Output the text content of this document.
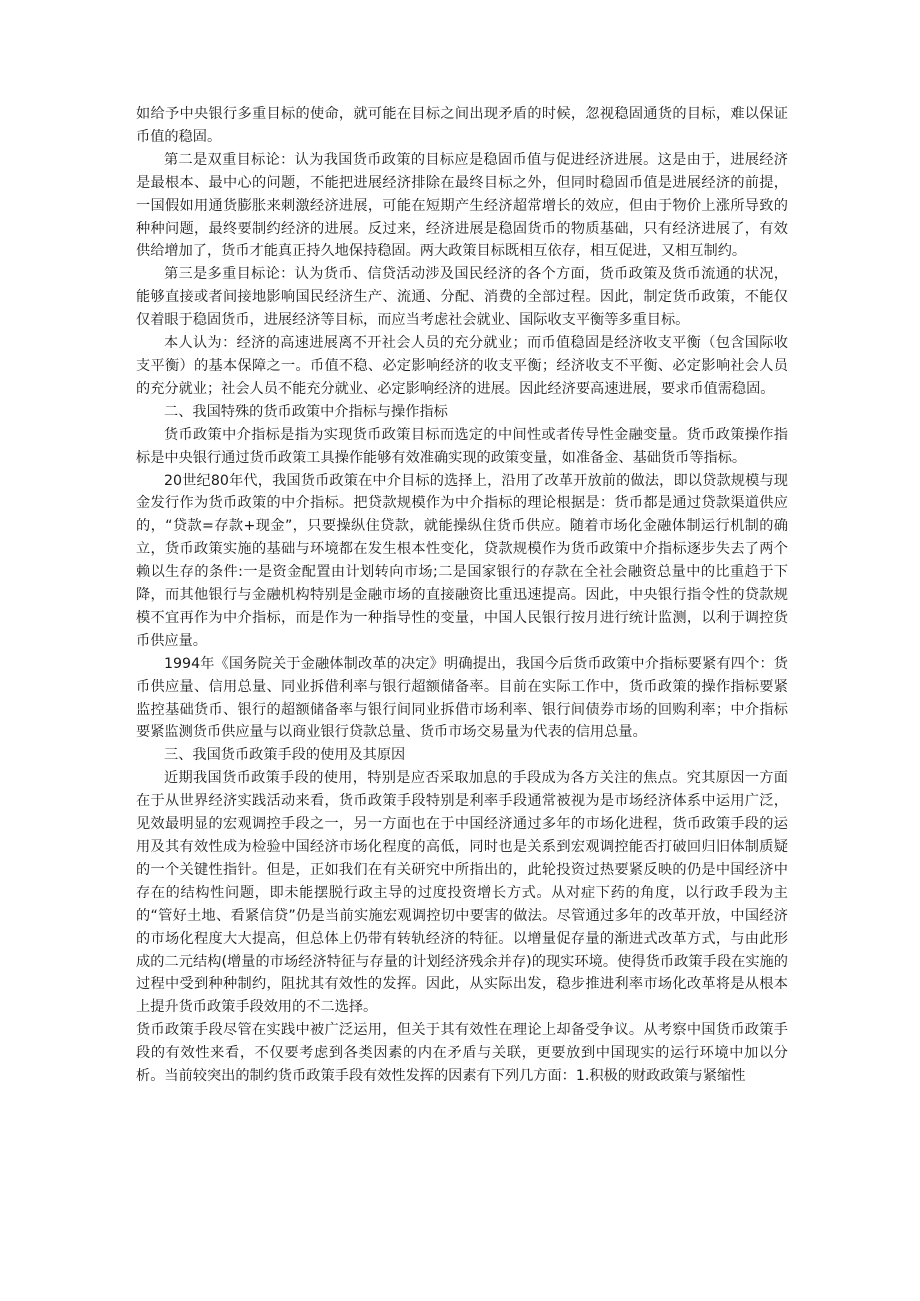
如给予中央银行多重目标的使命，就可能在目标之间出现矛盾的时候，忽视稳固通货的目标，难以保证币值的稳固。

第二是双重目标论：认为我国货币政策的目标应是稳固币值与促进经济进展。这是由于，进展经济是最根本、最中心的问题，不能把进展经济排除在最终目标之外，但同时稳固币值是进展经济的前提，一国假如用通货膨胀来刺激经济进展，可能在短期产生经济超常增长的效应，但由于物价上涨所导致的种种问题，最终要制约经济的进展。反过来，经济进展是稳固货币的物质基础，只有经济进展了，有效供给增加了，货币才能真正持久地保持稳固。两大政策目标既相互依存，相互促进，又相互制约。

第三是多重目标论：认为货币、信贷活动涉及国民经济的各个方面，货币政策及货币流通的状况，能够直接或者间接地影响国民经济生产、流通、分配、消费的全部过程。因此，制定货币政策，不能仅仅着眼于稳固货币，进展经济等目标，而应当考虑社会就业、国际收支平衡等多重目标。

本人认为：经济的高速进展离不开社会人员的充分就业；而币值稳固是经济收支平衡（包含国际收支平衡）的基本保障之一。币值不稳、必定影响经济的收支平衡；经济收支不平衡、必定影响社会人员的充分就业；社会人员不能充分就业、必定影响经济的进展。因此经济要高速进展，要求币值需稳固。

二、我国特殊的货币政策中介指标与操作指标

货币政策中介指标是指为实现货币政策目标而选定的中间性或者传导性金融变量。货币政策操作指标是中央银行通过货币政策工具操作能够有效准确实现的政策变量，如准备金、基础货币等指标。

20世纪80年代，我国货币政策在中介目标的选择上，沿用了改革开放前的做法，即以贷款规模与现金发行作为货币政策的中介指标。把贷款规模作为中介指标的理论根据是：货币都是通过贷款渠道供应的，“贷款=存款+现金”，只要操纵住贷款，就能操纵住货币供应。随着市场化金融体制运行机制的确立，货币政策实施的基础与环境都在发生根本性变化，贷款规模作为货币政策中介指标逐步失去了两个赖以生存的条件:一是资金配置由计划转向市场;二是国家银行的存款在全社会融资总量中的比重趋于下降，而其他银行与金融机构特别是金融市场的直接融资比重迅速提高。因此，中央银行指令性的贷款规模不宜再作为中介指标，而是作为一种指导性的变量，中国人民银行按月进行统计监测，以利于调控货币供应量。

1994年《国务院关于金融体制改革的决定》明确提出，我国今后货币政策中介指标要紧有四个：货币供应量、信用总量、同业拆借利率与银行超额储备率。目前在实际工作中，货币政策的操作指标要紧监控基础货币、银行的超额储备率与银行间同业拆借市场利率、银行间债券市场的回购利率；中介指标要紧监测货币供应量与以商业银行贷款总量、货币市场交易量为代表的信用总量。

三、我国货币政策手段的使用及其原因

近期我国货币政策手段的使用，特别是应否采取加息的手段成为各方关注的焦点。究其原因一方面在于从世界经济实践活动来看，货币政策手段特别是利率手段通常被视为是市场经济体系中运用广泛，见效最明显的宏观调控手段之一，另一方面也在于中国经济通过多年的市场化进程，货币政策手段的运用及其有效性成为检验中国经济市场化程度的高低，同时也是关系到宏观调控能否打破回归旧体制质疑的一个关键性指针。但是，正如我们在有关研究中所指出的，此轮投资过热要紧反映的仍是中国经济中存在的结构性问题，即未能摆脱行政主导的过度投资增长方式。从对症下药的角度，以行政手段为主的“管好土地、看紧信贷”仍是当前实施宏观调控切中要害的做法。尽管通过多年的改革开放，中国经济的市场化程度大大提高，但总体上仍带有转轨经济的特征。以增量促存量的渐进式改革方式，与由此形成的二元结构(增量的市场经济特征与存量的计划经济残余并存)的现实环境。使得货币政策手段在实施的过程中受到种种制约，阻扰其有效性的发挥。因此，从实际出发，稳步推进利率市场化改革将是从根本上提升货币政策手段效用的不二选择。

货币政策手段尽管在实践中被广泛运用，但关于其有效性在理论上却备受争议。从考察中国货币政策手段的有效性来看，不仅要考虑到各类因素的内在矛盾与关联，更要放到中国现实的运行环境中加以分析。当前较突出的制约货币政策手段有效性发挥的因素有下列几方面：1.积极的财政政策与紧缩性
